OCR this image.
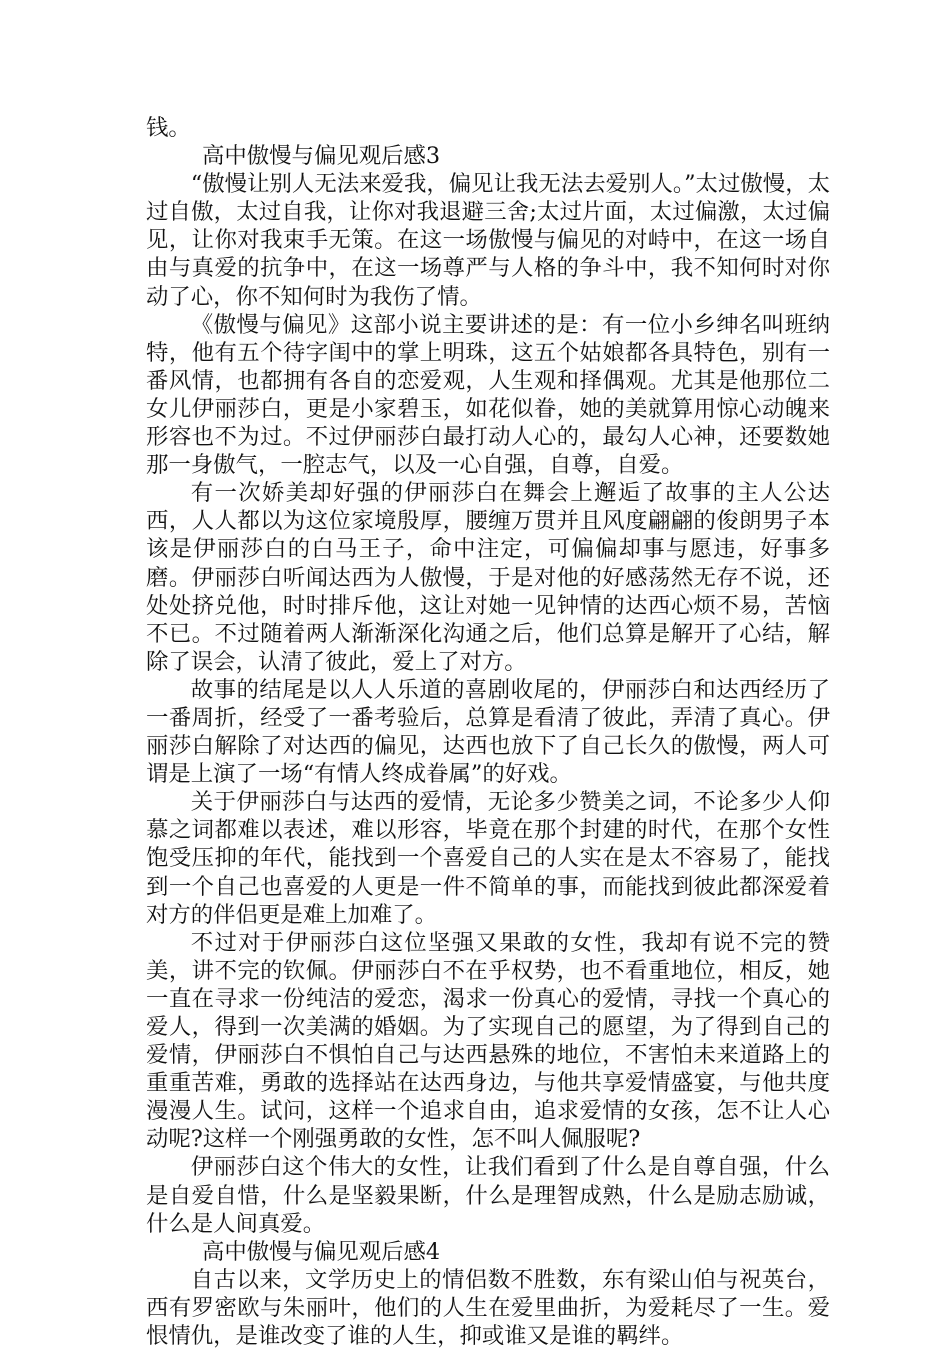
钱。

高中傲慢与偏见观后感3

“傲慢让别人无法来爱我，偏见让我无法去爱别人。”太过傲慢，太过自傲，太过自我，让你对我退避三舍;太过片面，太过偏激，太过偏见，让你对我束手无策。在这一场傲慢与偏见的对峙中，在这一场自由与真爱的抗争中，在这一场尊严与人格的争斗中，我不知何时对你动了心，你不知何时为我伤了情。

《傲慢与偏见》这部小说主要讲述的是：有一位小乡绅名叫班纳特，他有五个待字闺中的掌上明珠，这五个姑娘都各具特色，别有一番风情，也都拥有各自的恋爱观，人生观和择偶观。尤其是他那位二女儿伊丽莎白，更是小家碧玉，如花似眷，她的美就算用惊心动魄来形容也不为过。不过伊丽莎白最打动人心的，最勾人心神，还要数她那一身傲气，一腔志气，以及一心自强，自尊，自爱。

有一次娇美却好强的伊丽莎白在舞会上邂逅了故事的主人公达西，人人都以为这位家境殷厚，腰缠万贯并且风度翩翩的俊朗男子本该是伊丽莎白的白马王子，命中注定，可偏偏却事与愿违，好事多磨。伊丽莎白听闻达西为人傲慢，于是对他的好感荡然无存不说，还处处挤兑他，时时排斥他，这让对她一见钟情的达西心烦不易，苦恼不已。不过随着两人渐渐深化沟通之后，他们总算是解开了心结，解除了误会，认清了彼此，爱上了对方。

故事的结尾是以人人乐道的喜剧收尾的，伊丽莎白和达西经历了一番周折，经受了一番考验后，总算是看清了彼此，弄清了真心。伊丽莎白解除了对达西的偏见，达西也放下了自己长久的傲慢，两人可谓是上演了一场“有情人终成眷属”的好戏。

关于伊丽莎白与达西的爱情，无论多少赞美之词，不论多少人仰慕之词都难以表述，难以形容，毕竟在那个封建的时代，在那个女性饱受压抑的年代，能找到一个喜爱自己的人实在是太不容易了，能找到一个自己也喜爱的人更是一件不简单的事，而能找到彼此都深爱着对方的伴侣更是难上加难了。

不过对于伊丽莎白这位坚强又果敢的女性，我却有说不完的赞美，讲不完的钦佩。伊丽莎白不在乎权势，也不看重地位，相反，她一直在寻求一份纯洁的爱恋，渴求一份真心的爱情，寻找一个真心的爱人，得到一次美满的婚姻。为了实现自己的愿望，为了得到自己的爱情，伊丽莎白不惧怕自己与达西悬殊的地位，不害怕未来道路上的重重苦难，勇敢的选择站在达西身边，与他共享爱情盛宴，与他共度漫漫人生。试问，这样一个追求自由，追求爱情的女孩，怎不让人心动呢?这样一个刚强勇敢的女性，怎不叫人佩服呢?

伊丽莎白这个伟大的女性，让我们看到了什么是自尊自强，什么是自爱自惜，什么是坚毅果断，什么是理智成熟，什么是励志励诚，什么是人间真爱。

高中傲慢与偏见观后感4

自古以来，文学历史上的情侣数不胜数，东有梁山伯与祝英台，西有罗密欧与朱丽叶，他们的人生在爱里曲折，为爱耗尽了一生。爱恨情仇，是谁改变了谁的人生，抑或谁又是谁的羁绊。
